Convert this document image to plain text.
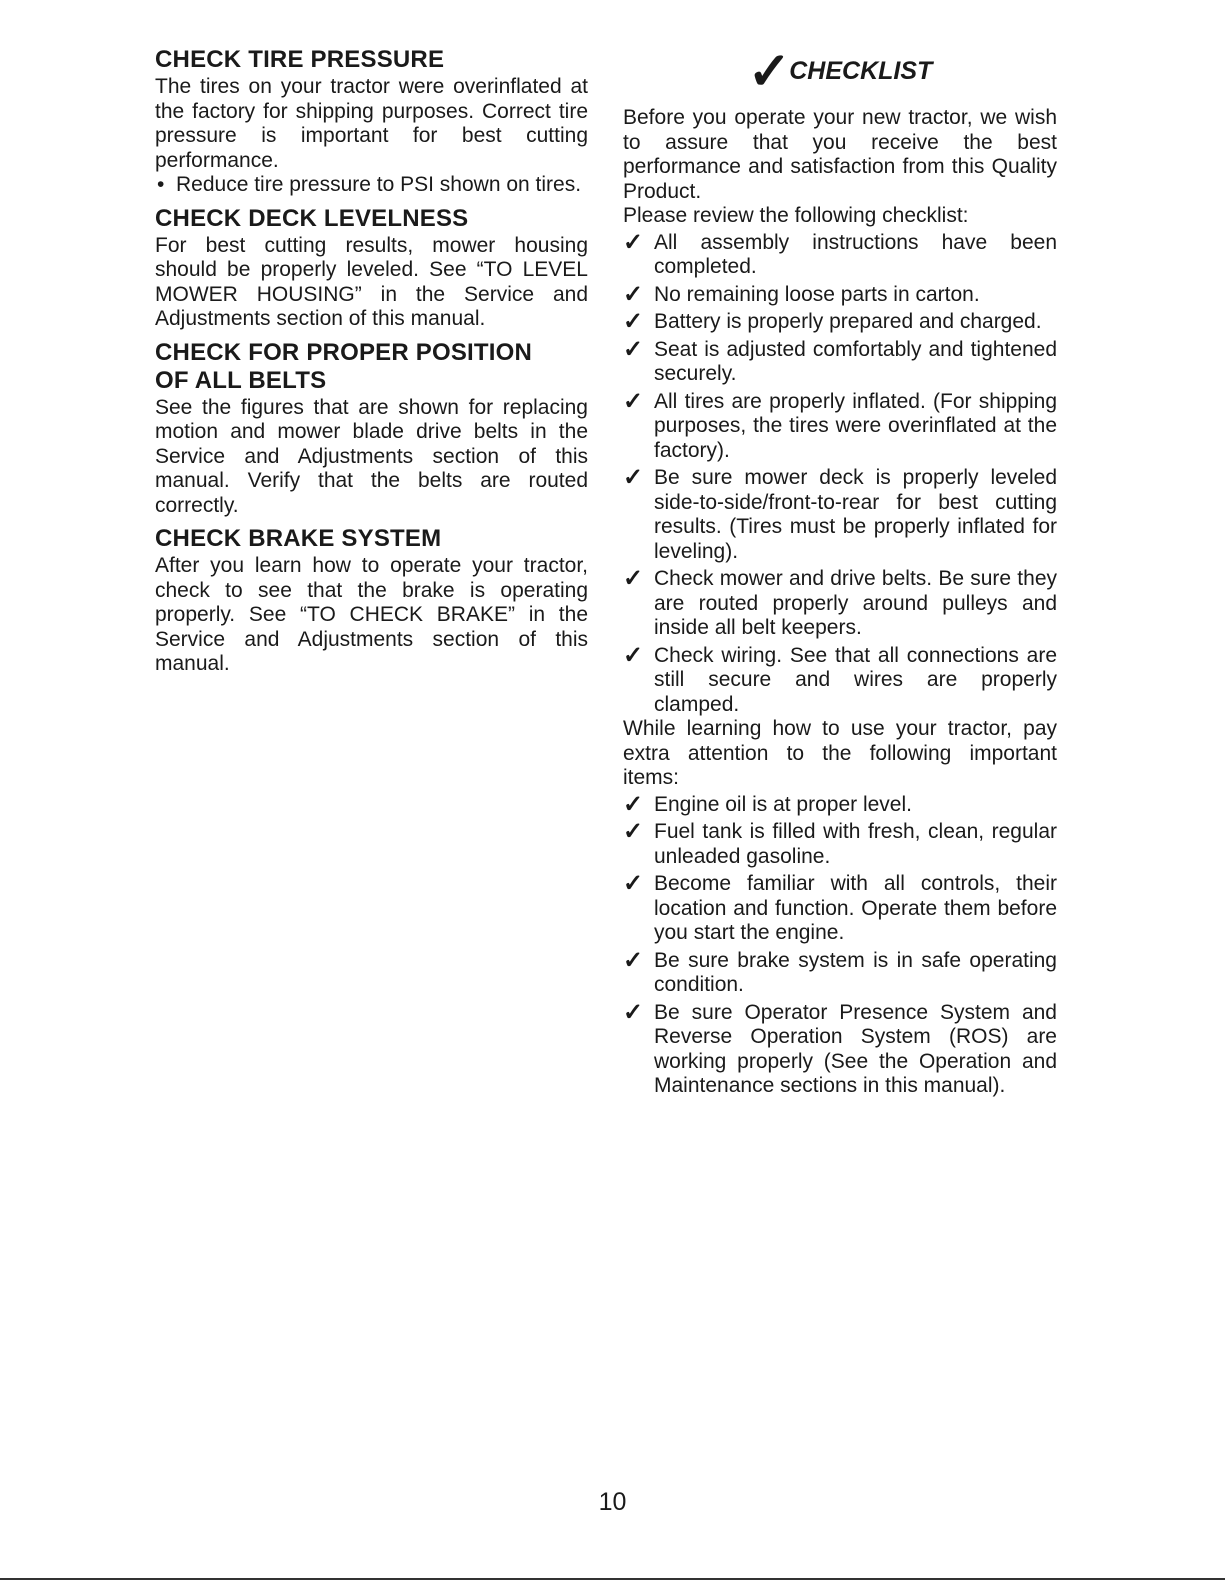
CHECK TIRE PRESSURE

The tires on your tractor were overinflated at the factory for shipping purposes. Correct tire pressure is important for best cutting performance.

• Reduce tire pressure to PSI shown on tires.
CHECK DECK LEVELNESS

For best cutting results, mower housing should be properly leveled. See “TO LEVEL MOWER HOUSING” in the Service and Adjustments section of this manual.

CHECK FOR PROPER POSITION
OF ALL BELTS

See the figures that are shown for replacing motion and mower blade drive belts in the Service and Adjustments section of this manual. Verify that the belts are routed correctly.

CHECK BRAKE SYSTEM

After you learn how to operate your tractor, check to see that the brake is operating properly. See “TO CHECK BRAKE” in the Service and Adjustments section of this manual.

✓CHECKLIST

Before you operate your new tractor, we wish to assure that you receive the best performance and satisfaction from this Quality Product.

Please review the following checklist:

✓ All assembly instructions have been completed.
✓ No remaining loose parts in carton.
✓ Battery is properly prepared and charged.
✓ Seat is adjusted comfortably and tightened securely.
✓ All tires are properly inflated. (For shipping purposes, the tires were overinflated at the factory).
✓ Be sure mower deck is properly leveled side-to-side/front-to-rear for best cutting results. (Tires must be properly inflated for leveling).
✓ Check mower and drive belts. Be sure they are routed properly around pulleys and inside all belt keepers.
✓ Check wiring. See that all connections are still secure and wires are properly clamped.

While learning how to use your tractor, pay extra attention to the following important items:

✓ Engine oil is at proper level.
✓ Fuel tank is filled with fresh, clean, regular unleaded gasoline.
✓ Become familiar with all controls, their location and function. Operate them before you start the engine.
✓ Be sure brake system is in safe operating condition.
✓ Be sure Operator Presence System and Reverse Operation System (ROS) are working properly (See the Operation and Maintenance sections in this manual).
10
